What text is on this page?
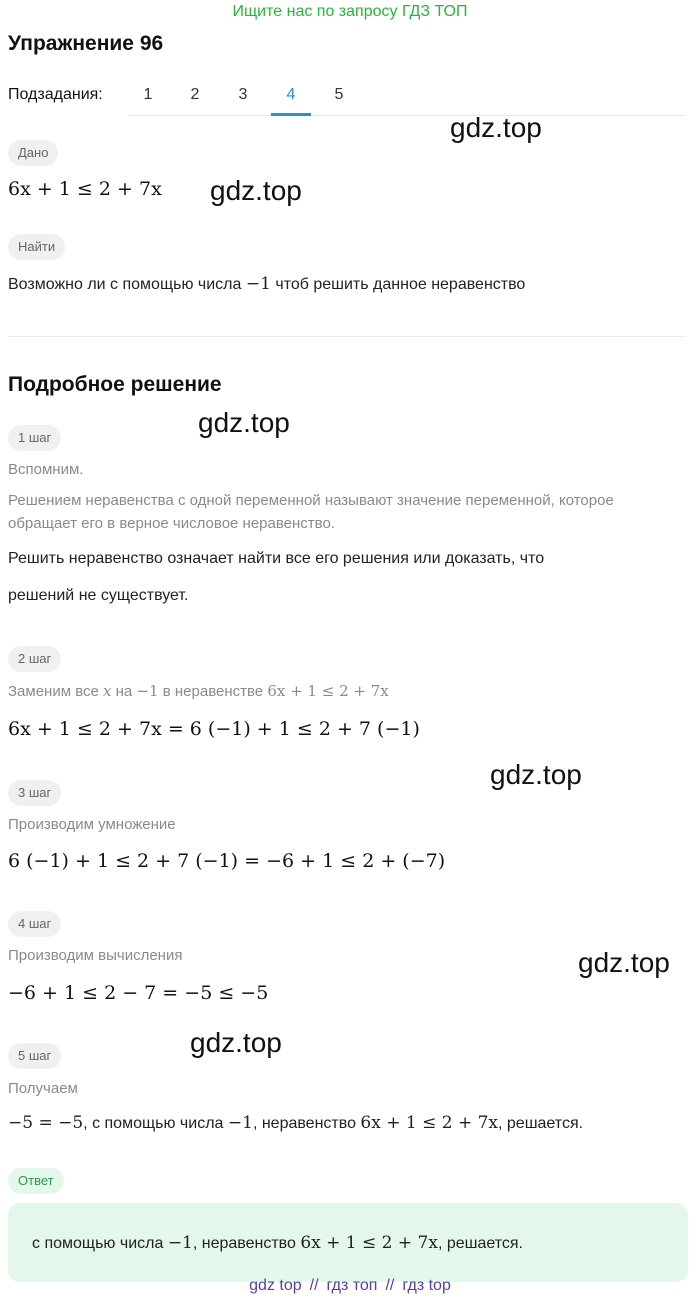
Ищите нас по запросу ГДЗ ТОП
Упражнение 96
Подзадания:	1	2	3	4	5
gdz.top
Дано
6x + 1 ≤ 2 + 7x gdz.top
Найти
Возможно ли с помощью числа −1 чтоб решить данное неравенство
Подробное решение
gdz.top
1 шаг
Вспомним.
Решением неравенства с одной переменной называют значение переменной, которое
обращает его в верное числовое неравенство.
Решить неравенство означает найти все его решения или доказать, что
решений не существует.
2 шаг
Заменим все x на −1 в неравенстве 6x + 1 ≤ 2 + 7x
6x + 1 ≤ 2 + 7x = 6 (−1) + 1 ≤ 2 + 7 (−1)
gdz.top
3 шаг
Производим умножение
6 (−1) + 1 ≤ 2 + 7 (−1) = −6 + 1 ≤ 2 + (−7)
4 шаг
Производим вычисления
−6 + 1 ≤ 2 − 7 = −5 ≤ −5
gdz.top
gdz.top
5 шаг
Получаем
−5 = −5, с помощью числа −1, неравенство 6x + 1 ≤ 2 + 7x, решается.
Ответ
с помощью числа −1, неравенство 6x + 1 ≤ 2 + 7x, решается.
gdz top // гдз топ // гдз top
